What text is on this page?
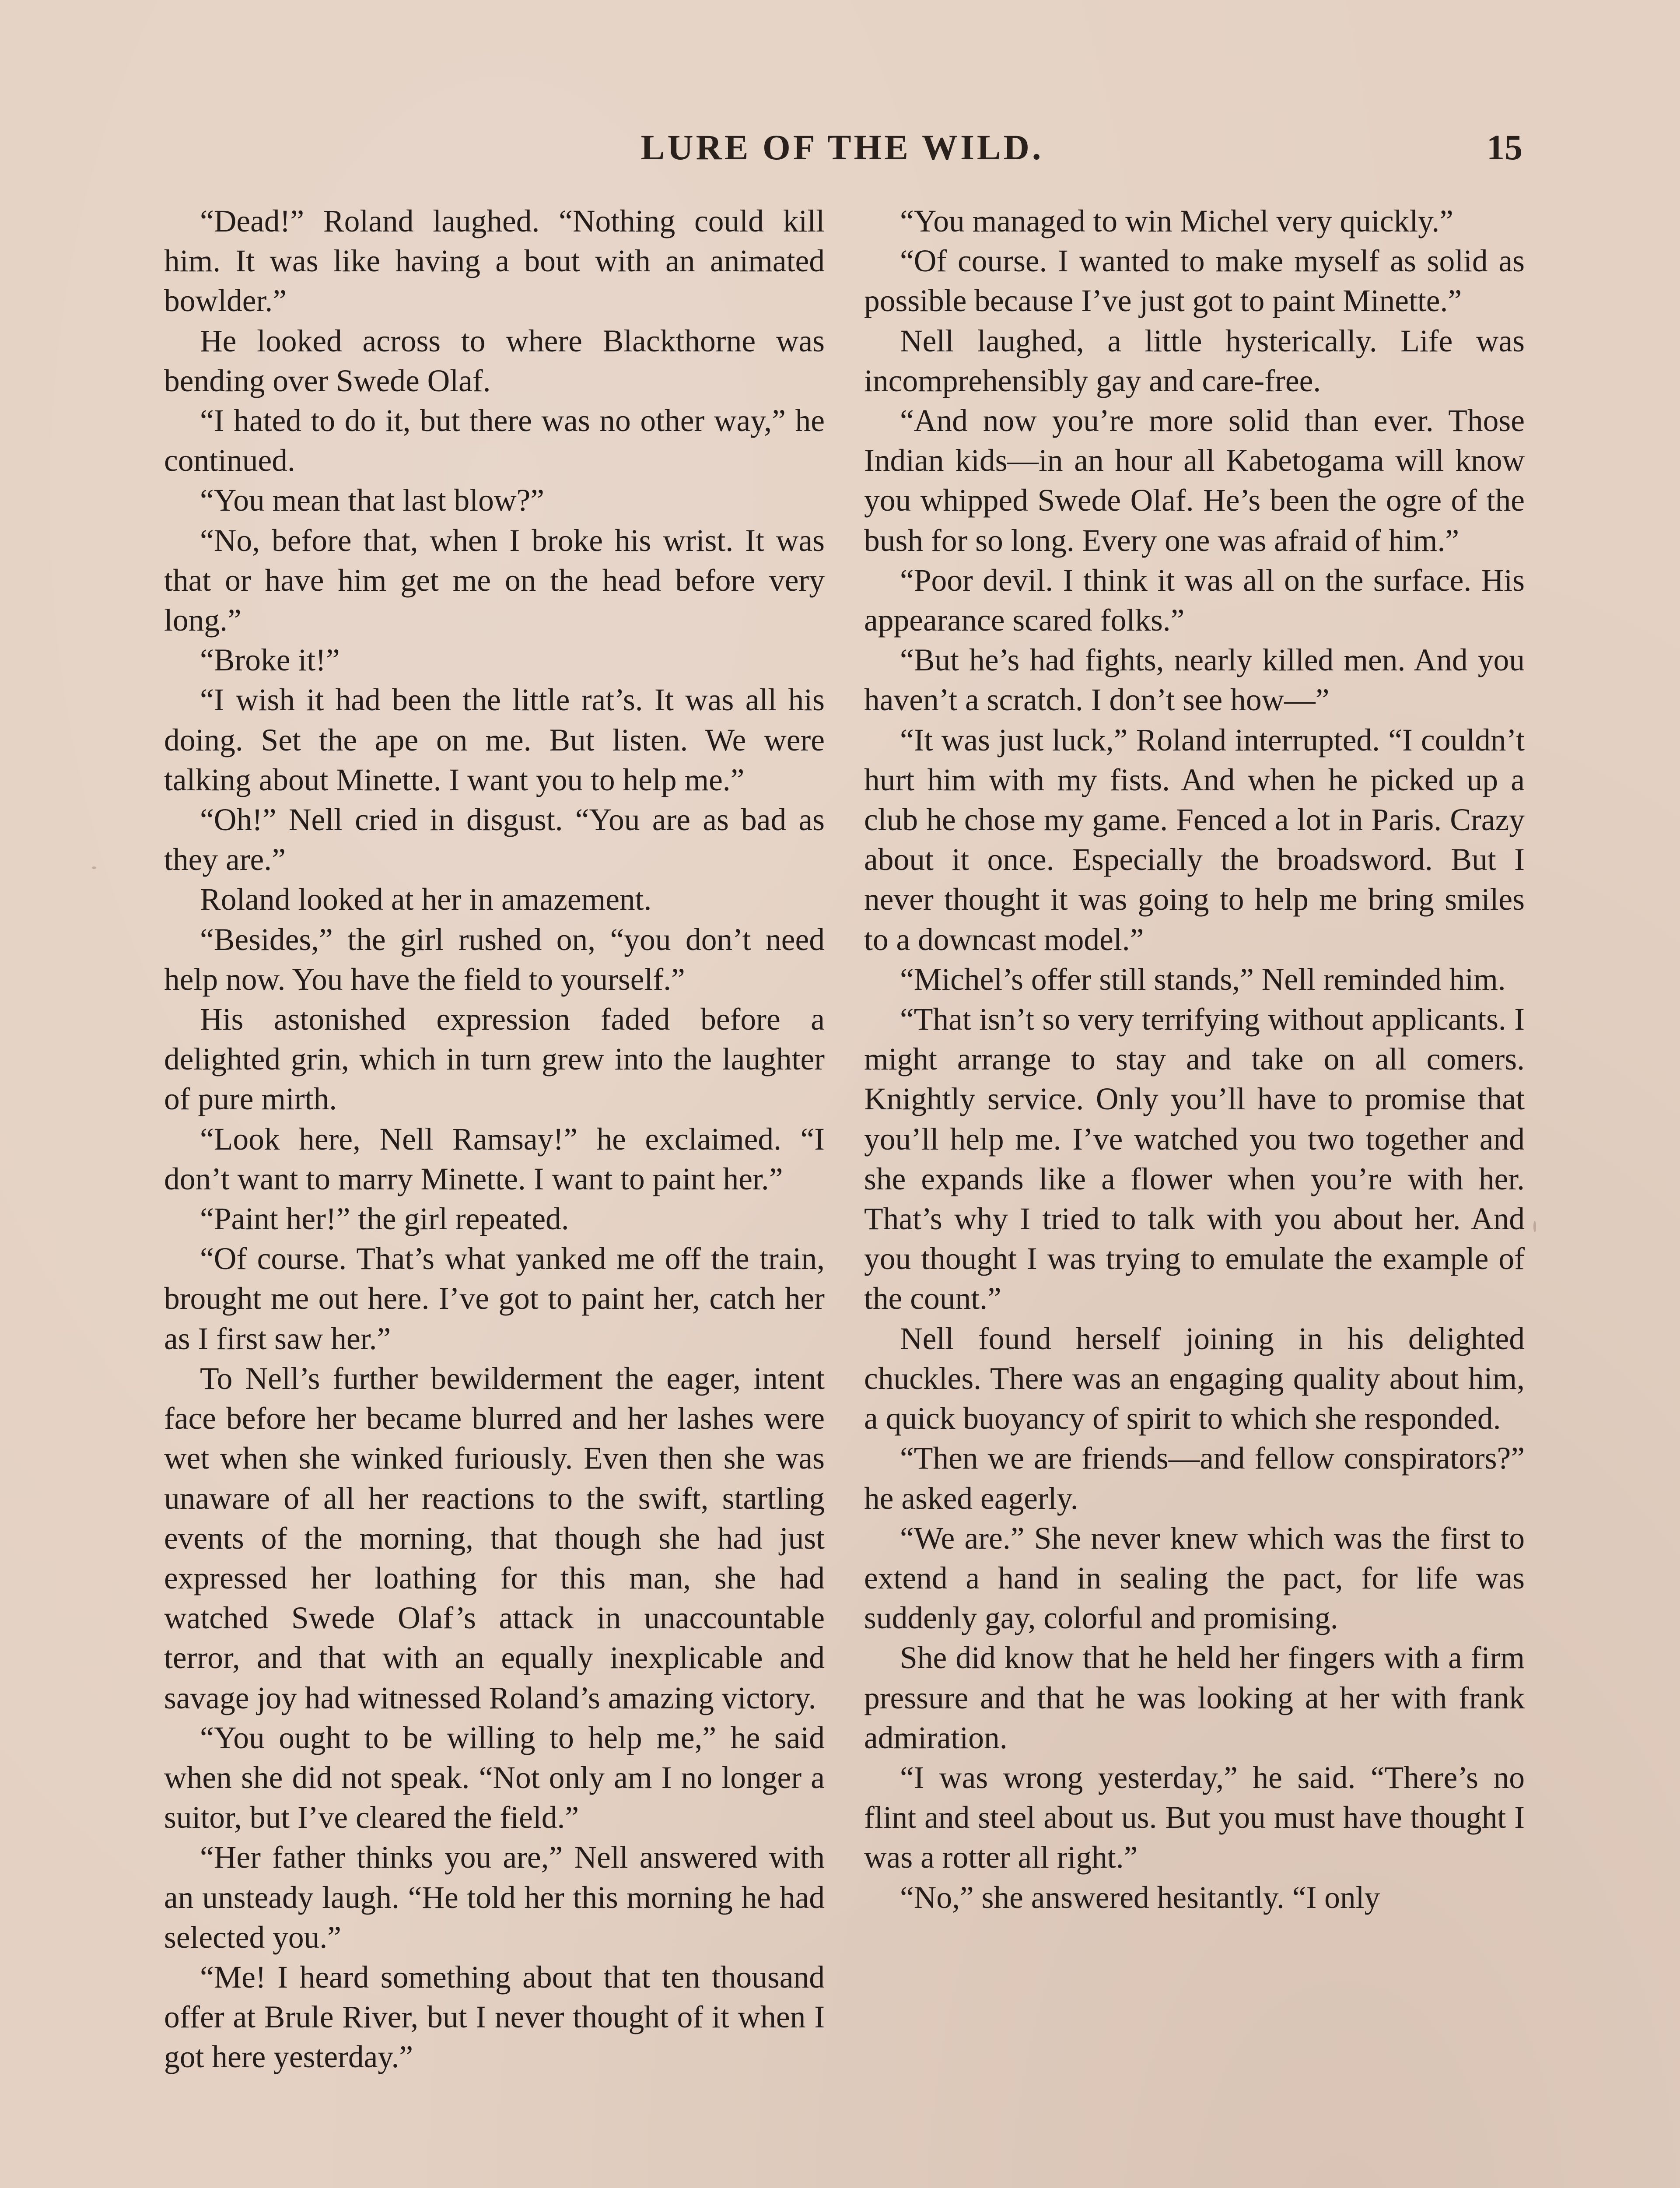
LURE OF THE WILD.	15

“Dead!” Roland laughed. “Nothing could kill him. It was like having a bout with an animated bowlder.”

He looked across to where Blackthorne was bending over Swede Olaf.

“I hated to do it, but there was no other way,” he continued.

“You mean that last blow?”

“No, before that, when I broke his wrist. It was that or have him get me on the head before very long.”

“Broke it!”

“I wish it had been the little rat’s. It was all his doing. Set the ape on me. But listen. We were talking about Minette. I want you to help me.”

“Oh!” Nell cried in disgust. “You are as bad as they are.”

Roland looked at her in amazement.

“Besides,” the girl rushed on, “you don’t need help now. You have the field to yourself.”

His astonished expression faded before a delighted grin, which in turn grew into the laughter of pure mirth.

“Look here, Nell Ramsay!” he exclaimed. “I don’t want to marry Minette. I want to paint her.”

“Paint her!” the girl repeated.

“Of course. That’s what yanked me off the train, brought me out here. I’ve got to paint her, catch her as I first saw her.”

To Nell’s further bewilderment the eager, intent face before her became blurred and her lashes were wet when she winked furiously. Even then she was unaware of all her reactions to the swift, startling events of the morning, that though she had just expressed her loathing for this man, she had watched Swede Olaf’s attack in unaccountable terror, and that with an equally inexplicable and savage joy had witnessed Roland’s amazing victory.

“You ought to be willing to help me,” he said when she did not speak. “Not only am I no longer a suitor, but I’ve cleared the field.”

“Her father thinks you are,” Nell answered with an unsteady laugh. “He told her this morning he had selected you.”

“Me! I heard something about that ten thousand offer at Brule River, but I never thought of it when I got here yesterday.”

“You managed to win Michel very quickly.”

“Of course. I wanted to make myself as solid as possible because I’ve just got to paint Minette.”

Nell laughed, a little hysterically. Life was incomprehensibly gay and care-free.

“And now you’re more solid than ever. Those Indian kids—in an hour all Kabetogama will know you whipped Swede Olaf. He’s been the ogre of the bush for so long. Every one was afraid of him.”

“Poor devil. I think it was all on the surface. His appearance scared folks.”

“But he’s had fights, nearly killed men. And you haven’t a scratch. I don’t see how—”

“It was just luck,” Roland interrupted. “I couldn’t hurt him with my fists. And when he picked up a club he chose my game. Fenced a lot in Paris. Crazy about it once. Especially the broadsword. But I never thought it was going to help me bring smiles to a downcast model.”

“Michel’s offer still stands,” Nell reminded him.

“That isn’t so very terrifying without applicants. I might arrange to stay and take on all comers. Knightly service. Only you’ll have to promise that you’ll help me. I’ve watched you two together and she expands like a flower when you’re with her. That’s why I tried to talk with you about her. And you thought I was trying to emulate the example of the count.”

Nell found herself joining in his delighted chuckles. There was an engaging quality about him, a quick buoyancy of spirit to which she responded.

“Then we are friends—and fellow conspirators?” he asked eagerly.

“We are.” She never knew which was the first to extend a hand in sealing the pact, for life was suddenly gay, colorful and promising.

She did know that he held her fingers with a firm pressure and that he was looking at her with frank admiration.

“I was wrong yesterday,” he said. “There’s no flint and steel about us. But you must have thought I was a rotter all right.”

“No,” she answered hesitantly. “I only
